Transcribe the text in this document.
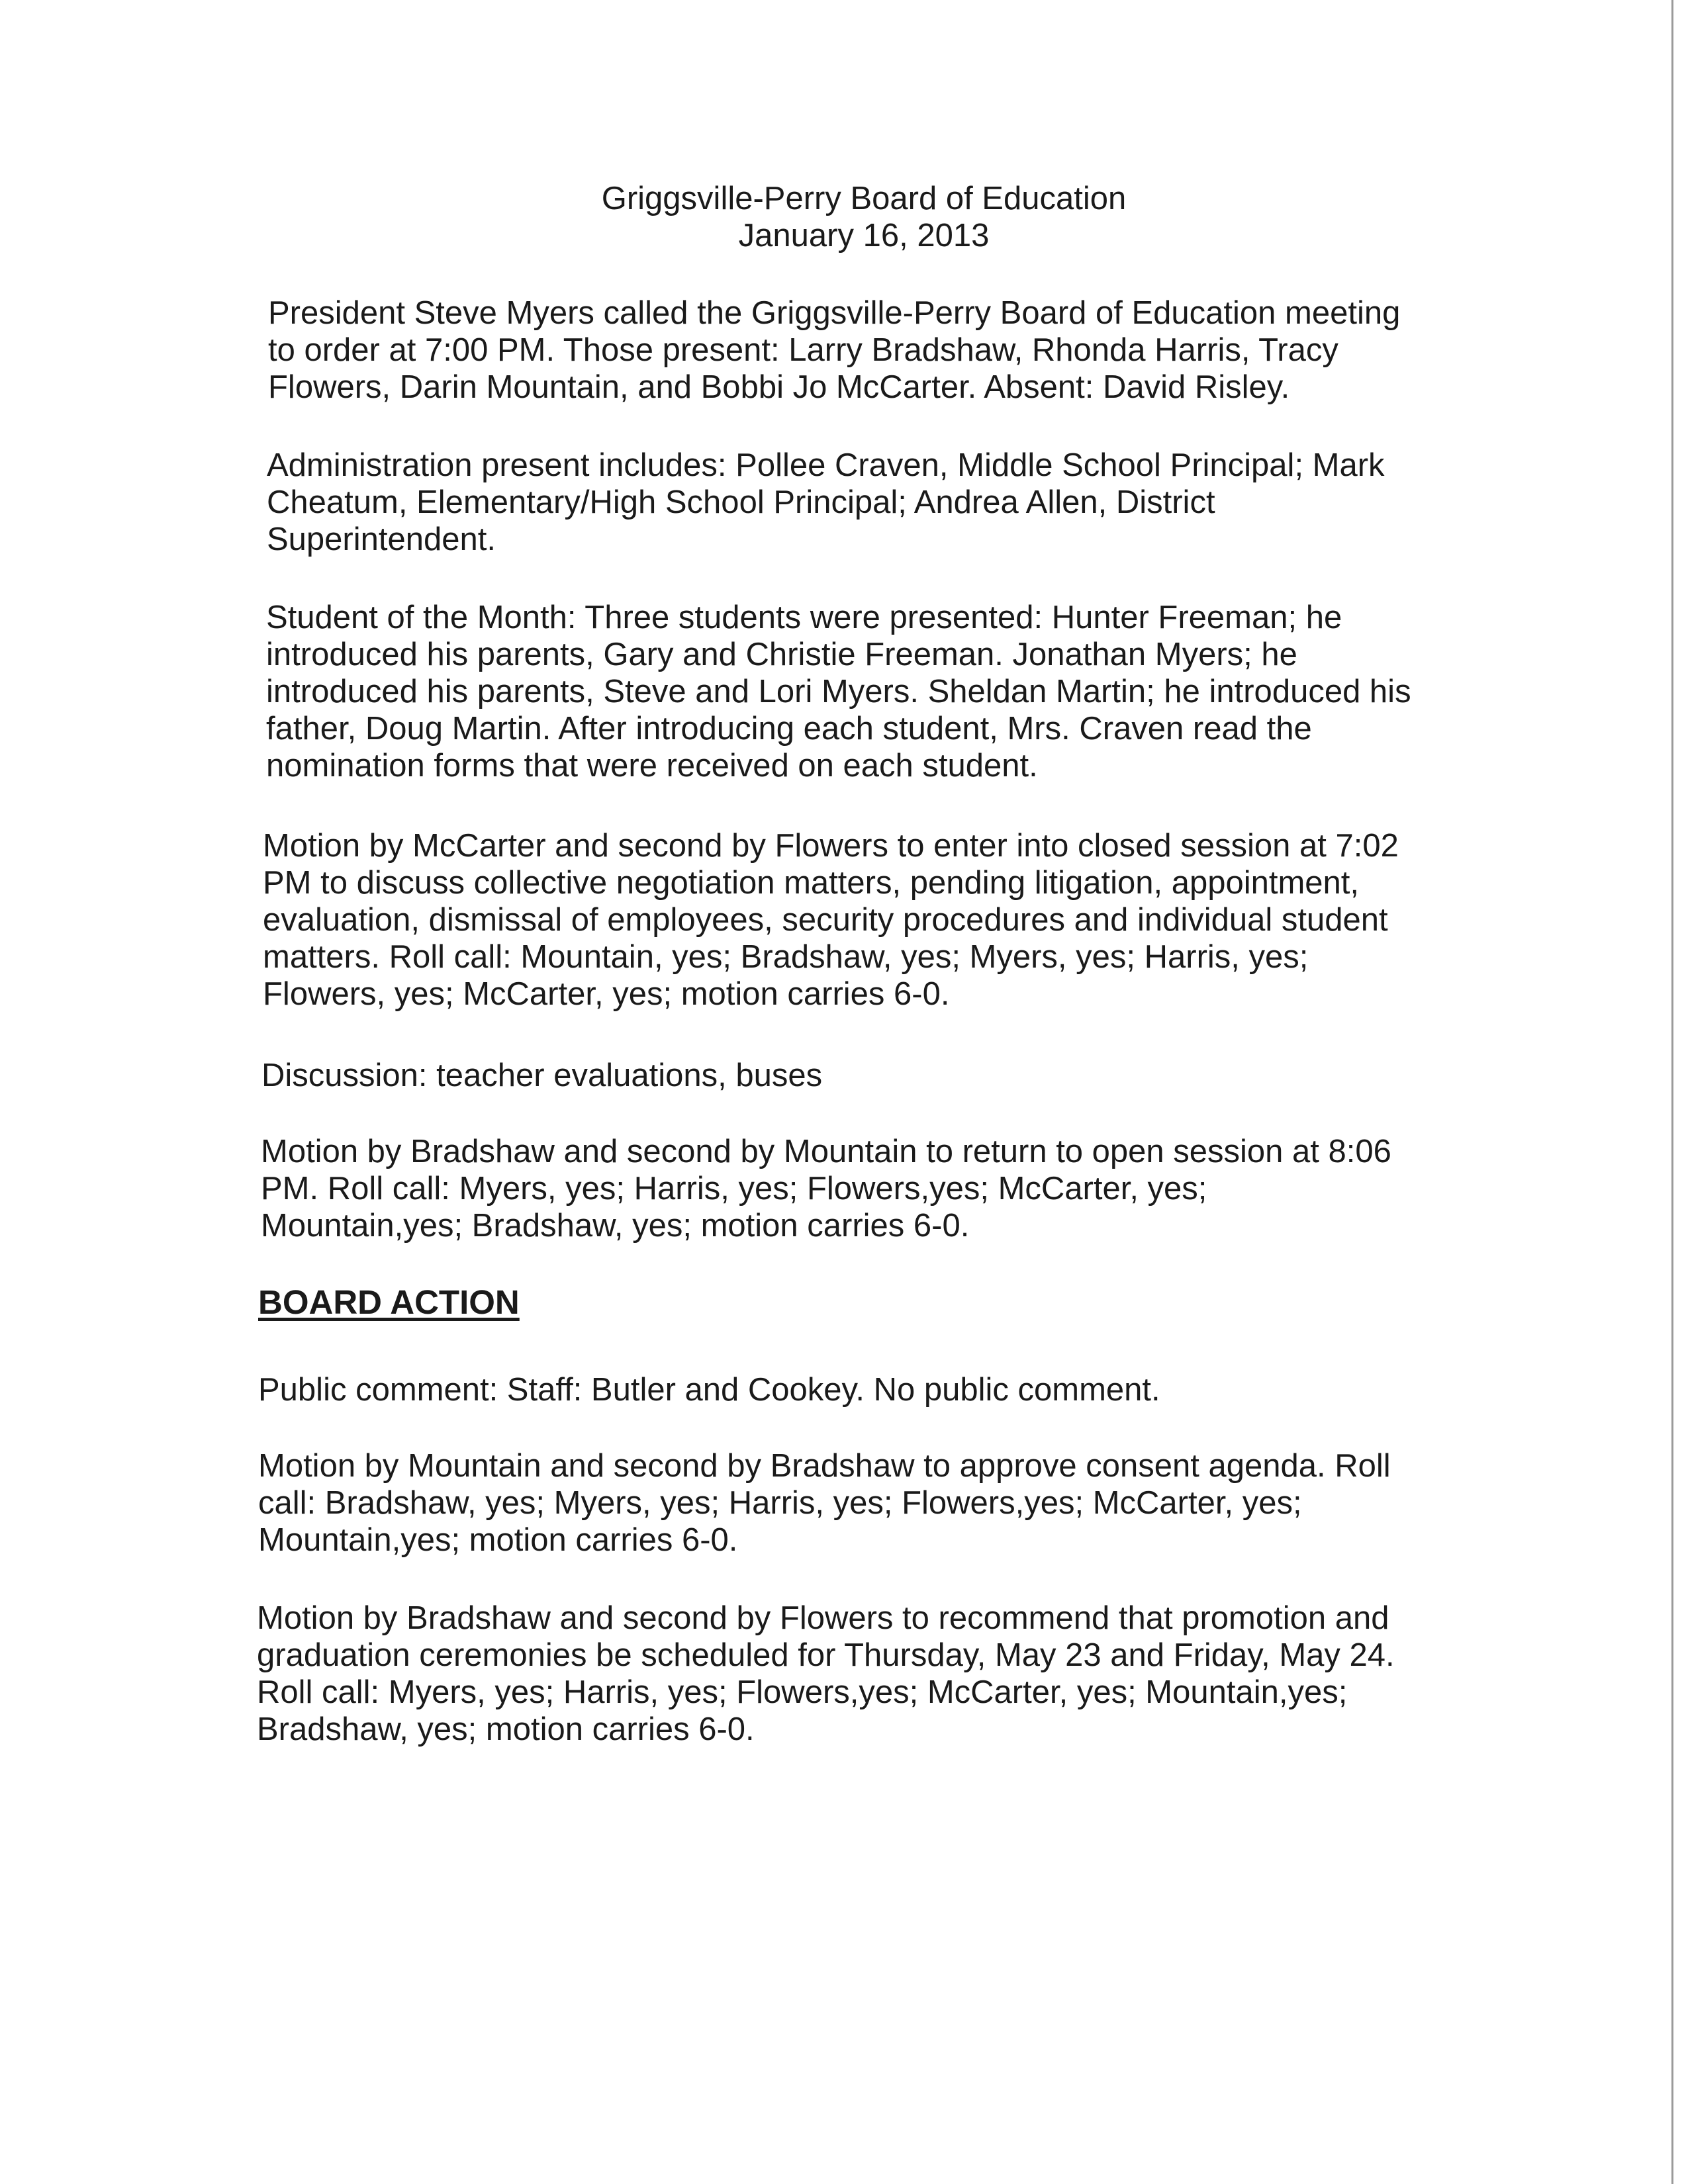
Griggsville-Perry Board of Education
January 16, 2013
President Steve Myers called the Griggsville-Perry Board of Education meeting
to order at 7:00 PM. Those present: Larry Bradshaw, Rhonda Harris, Tracy
Flowers, Darin Mountain, and Bobbi Jo McCarter. Absent: David Risley.
Administration present includes: Pollee Craven, Middle School Principal; Mark
Cheatum, Elementary/High School Principal; Andrea Allen, District
Superintendent.
Student of the Month: Three students were presented: Hunter Freeman; he
introduced his parents, Gary and Christie Freeman. Jonathan Myers; he
introduced his parents, Steve and Lori Myers. Sheldan Martin; he introduced his
father, Doug Martin. After introducing each student, Mrs. Craven read the
nomination forms that were received on each student.
Motion by McCarter and second by Flowers to enter into closed session at 7:02
PM to discuss collective negotiation matters, pending litigation, appointment,
evaluation, dismissal of employees, security procedures and individual student
matters. Roll call: Mountain, yes; Bradshaw, yes; Myers, yes; Harris, yes;
Flowers, yes; McCarter, yes; motion carries 6-0.
Discussion: teacher evaluations, buses
Motion by Bradshaw and second by Mountain to return to open session at 8:06
PM. Roll call: Myers, yes; Harris, yes; Flowers,yes; McCarter, yes;
Mountain,yes; Bradshaw, yes; motion carries 6-0.
BOARD ACTION
Public comment: Staff: Butler and Cookey. No public comment.
Motion by Mountain and second by Bradshaw to approve consent agenda. Roll
call: Bradshaw, yes; Myers, yes; Harris, yes; Flowers,yes; McCarter, yes;
Mountain,yes; motion carries 6-0.
Motion by Bradshaw and second by Flowers to recommend that promotion and
graduation ceremonies be scheduled for Thursday, May 23 and Friday, May 24.
Roll call: Myers, yes; Harris, yes; Flowers,yes; McCarter, yes; Mountain,yes;
Bradshaw, yes; motion carries 6-0.
